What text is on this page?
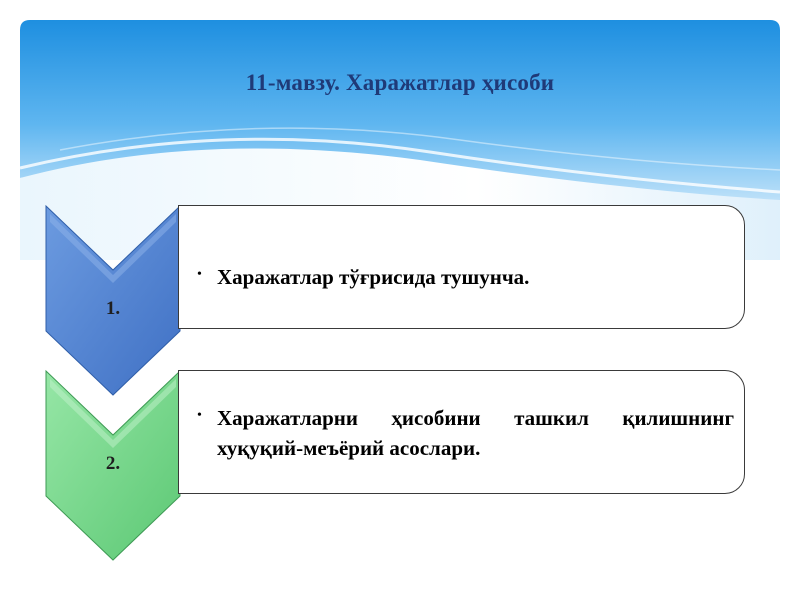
11-мавзу. Харажатлар ҳисоби
1.
2.
• Харажатлар тўғрисида тушунча.
• Харажатларни ҳисобини ташкил қилишнинг хуқуқий-меъёрий асослари.
